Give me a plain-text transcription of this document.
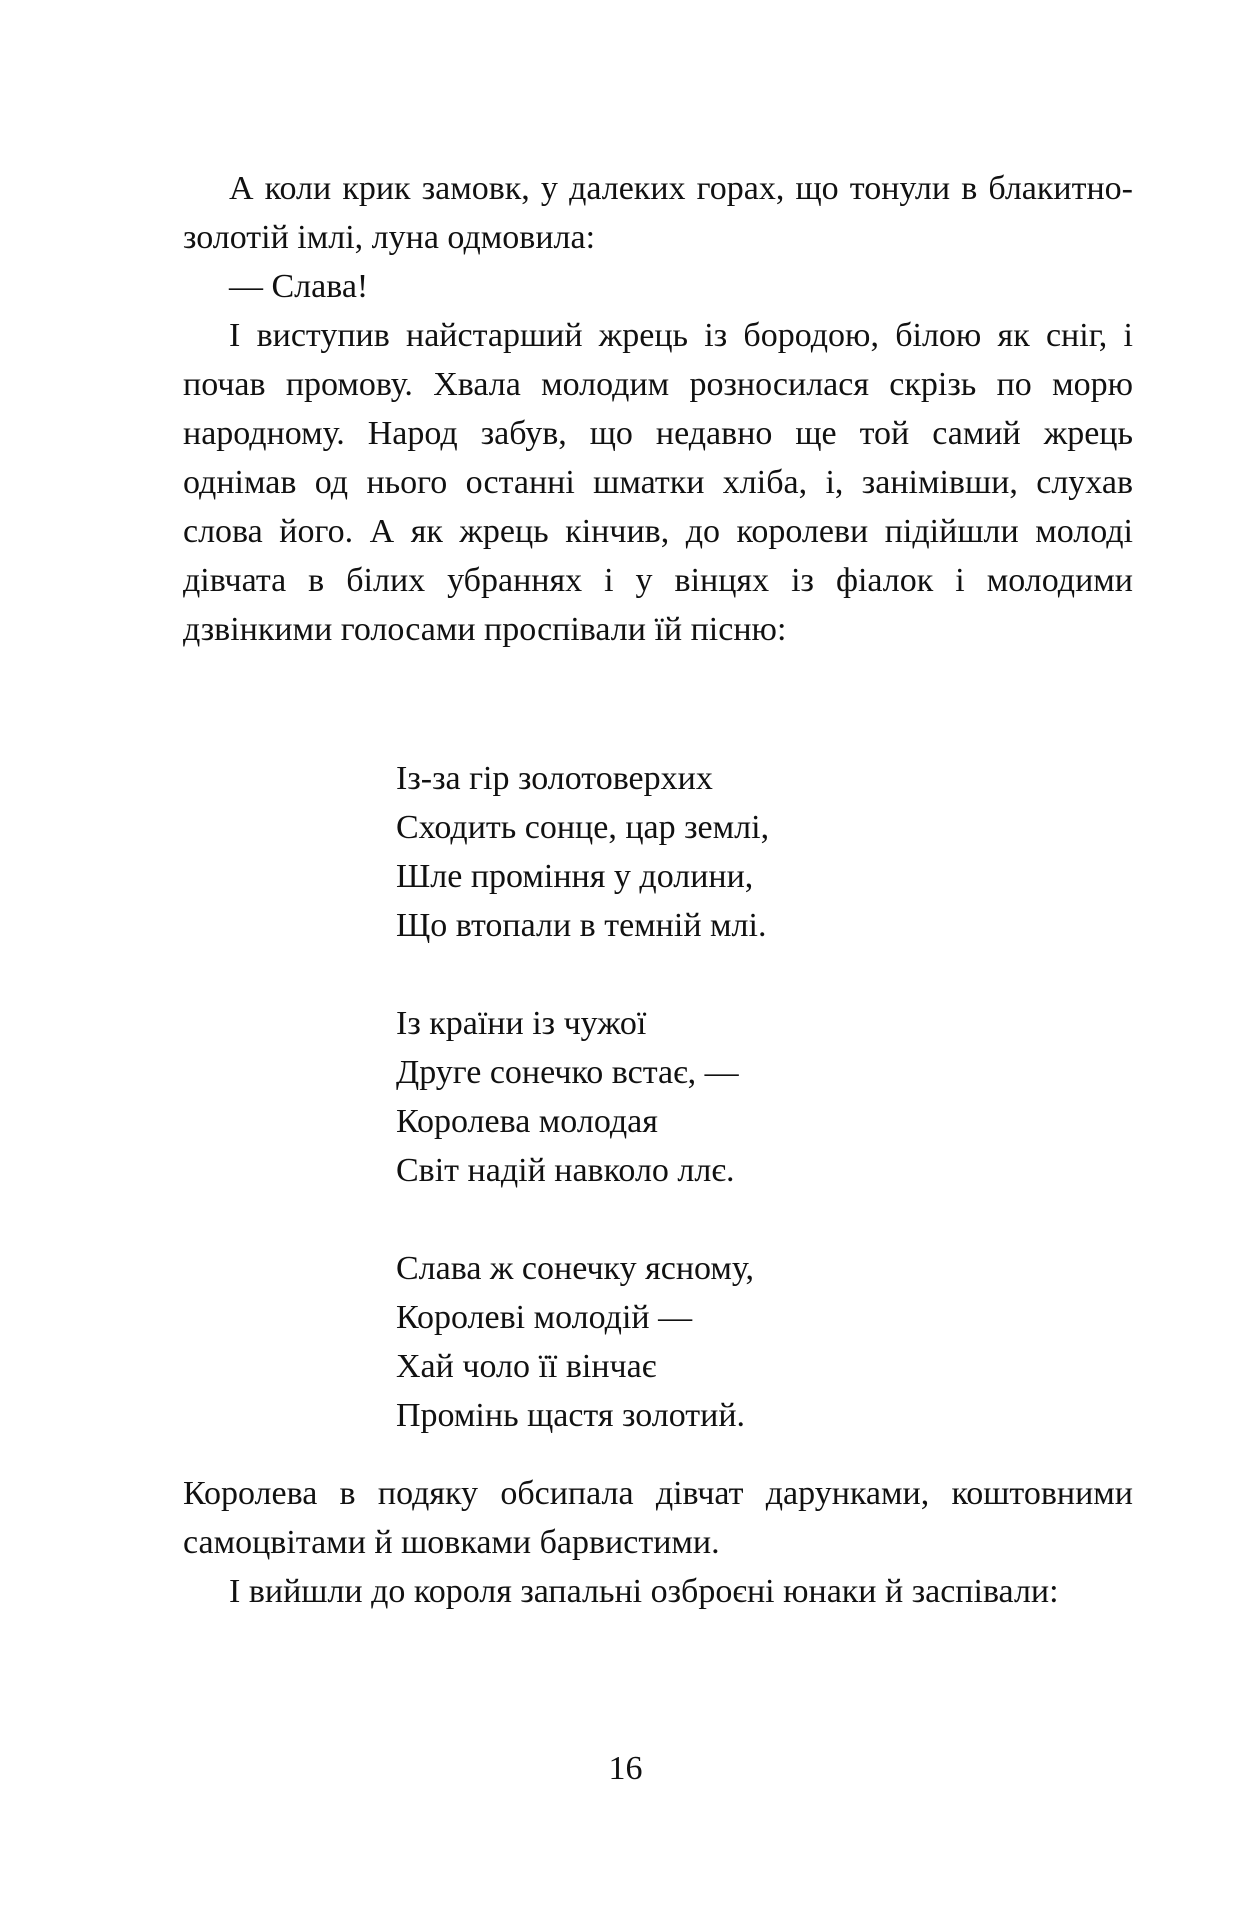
А коли крик замовк, у далеких горах, що тонули в блакитно-золотій імлі, луна одмовила:

— Слава!

І виступив найстарший жрець із бородою, білою як сніг, і почав промову. Хвала молодим розносилася скрізь по морю народному. Народ забув, що недавно ще той самий жрець однімав од нього останні шматки хліба, і, занімівши, слухав слова його. А як жрець кінчив, до королеви підійшли молоді дівчата в білих убраннях і у вінцях із фіалок і молодими дзвінкими голосами проспівали їй пісню:

Із-за гір золотоверхих
Сходить сонце, цар землі,
Шле проміння у долини,
Що втопали в темній млі.
Із країни із чужої
Друге сонечко встає, —
Королева молодая
Світ надій навколо ллє.
Слава ж сонечку ясному,
Королеві молодій —
Хай чоло її вінчає
Промінь щастя золотий.

Королева в подяку обсипала дівчат дарунками, коштовними самоцвітами й шовками барвистими.

І вийшли до короля запальні озброєні юнаки й заспівали:

16
